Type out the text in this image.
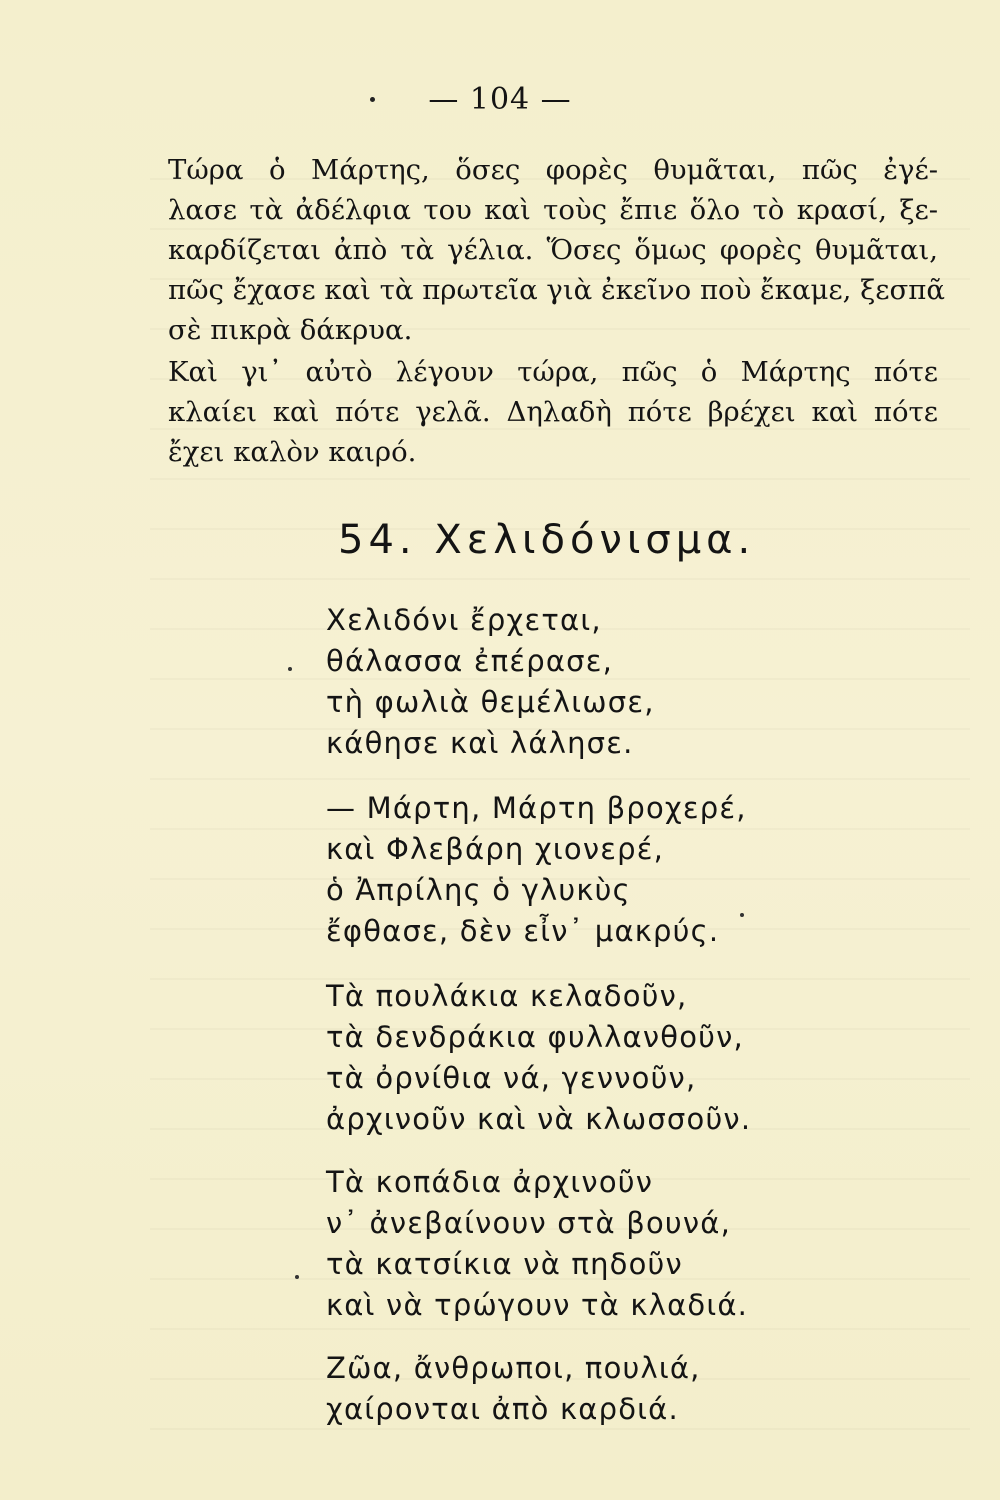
— 104 —
Τώρα ὁ Μάρτης, ὅσες φορὲς θυμᾶται, πῶς ἐγέ-
λασε τὰ ἀδέλφια του καὶ τοὺς ἔπιε ὅλο τὸ κρασί, ξε-
καρδίζεται ἀπὸ τὰ γέλια. Ὅσες ὅμως φορὲς θυμᾶται,
πῶς ἔχασε καὶ τὰ πρωτεῖα γιὰ ἐκεῖνο ποὺ ἔκαμε, ξεσπᾶ
σὲ πικρὰ δάκρυα.
Καὶ γι᾽ αὐτὸ λέγουν τώρα, πῶς ὁ Μάρτης πότε
κλαίει καὶ πότε γελᾶ. Δηλαδὴ πότε βρέχει καὶ πότε
ἔχει καλὸν καιρό.
54. Χελιδόνισμα.
Χελιδόνι ἔρχεται,
θάλασσα ἐπέρασε,
τὴ φωλιὰ θεμέλιωσε,
κάθησε καὶ λάλησε.
— Μάρτη, Μάρτη βροχερέ,
καὶ Φλεβάρη χιονερέ,
ὁ Ἀπρίλης ὁ γλυκὺς
ἔφθασε, δὲν εἶν᾽ μακρύς.
Τὰ πουλάκια κελαδοῦν,
τὰ δενδράκια φυλλανθοῦν,
τὰ ὀρνίθια νά, γεννοῦν,
ἀρχινοῦν καὶ νὰ κλωσσοῦν.
Τὰ κοπάδια ἀρχινοῦν
ν᾽ ἀνεβαίνουν στὰ βουνά,
τὰ κατσίκια νὰ πηδοῦν
καὶ νὰ τρώγουν τὰ κλαδιά.
Ζῶα, ἄνθρωποι, πουλιά,
χαίρονται ἀπὸ καρδιά.
